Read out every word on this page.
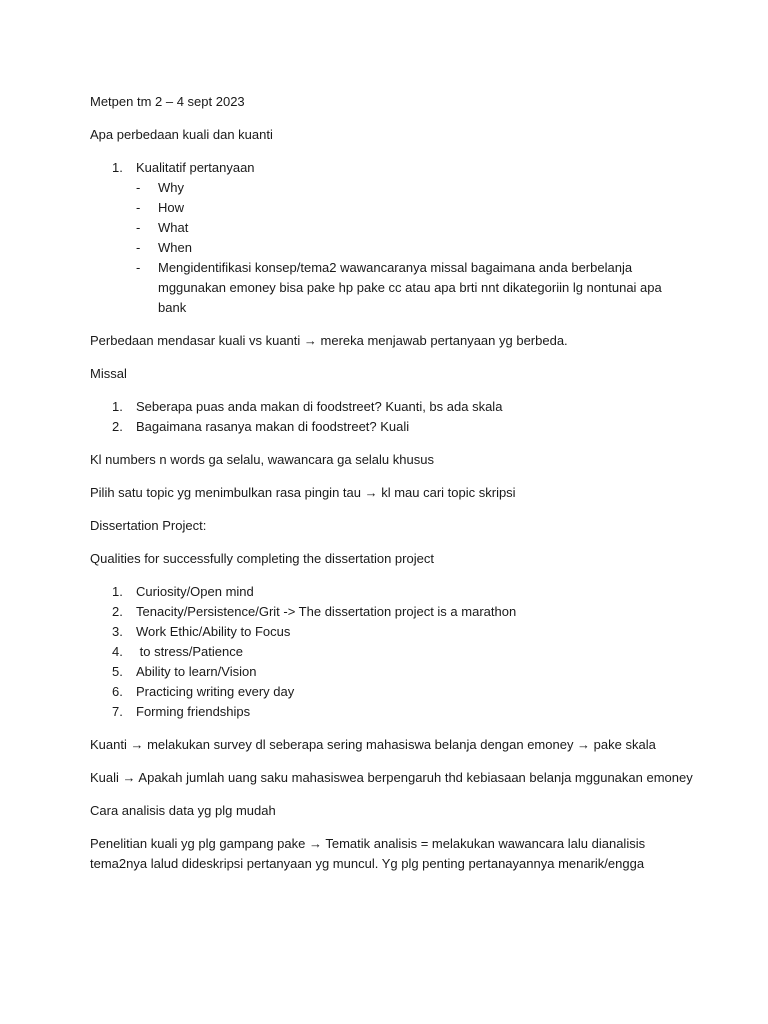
Metpen tm 2 – 4 sept 2023
Apa perbedaan kuali dan kuanti
1. Kualitatif pertanyaan
- Why
- How
- What
- When
- Mengidentifikasi konsep/tema2 wawancaranya missal bagaimana anda berbelanja
mggunakan emoney bisa pake hp pake cc atau apa brti nnt dikategoriin lg nontunai apa
bank
Perbedaan mendasar kuali vs kuanti → mereka menjawab pertanyaan yg berbeda.
Missal
1. Seberapa puas anda makan di foodstreet? Kuanti, bs ada skala
2. Bagaimana rasanya makan di foodstreet? Kuali
Kl numbers n words ga selalu, wawancara ga selalu khusus
Pilih satu topic yg menimbulkan rasa pingin tau → kl mau cari topic skripsi
Dissertation Project:
Qualities for successfully completing the dissertation project
1. Curiosity/Open mind
2. Tenacity/Persistence/Grit -> The dissertation project is a marathon
3. Work Ethic/Ability to Focus
4. to stress/Patience
5. Ability to learn/Vision
6. Practicing writing every day
7. Forming friendships
Kuanti → melakukan survey dl seberapa sering mahasiswa belanja dengan emoney → pake skala
Kuali → Apakah jumlah uang saku mahasiswea berpengaruh thd kebiasaan belanja mggunakan emoney
Cara analisis data yg plg mudah
Penelitian kuali yg plg gampang pake → Tematik analisis = melakukan wawancara lalu dianalisis
tema2nya lalud dideskripsi pertanyaan yg muncul. Yg plg penting pertanayannya menarik/engga
